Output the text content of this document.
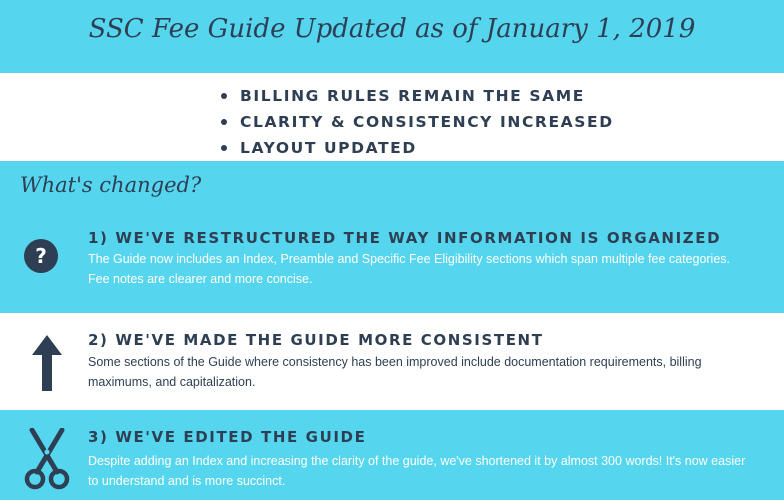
SSC Fee Guide Updated as of January 1, 2019
BILLING RULES REMAIN THE SAME
CLARITY & CONSISTENCY INCREASED
LAYOUT UPDATED
What's changed?
?
1) WE'VE RESTRUCTURED THE WAY INFORMATION IS ORGANIZED
The Guide now includes an Index, Preamble and Specific Fee Eligibility sections which span multiple fee categories. Fee notes are clearer and more concise.
2) WE'VE MADE THE GUIDE MORE CONSISTENT
Some sections of the Guide where consistency has been improved include documentation requirements, billing maximums, and capitalization.
3) WE'VE EDITED THE GUIDE
Despite adding an Index and increasing the clarity of the guide, we've shortened it by almost 300 words! It's now easier to understand and is more succinct.
